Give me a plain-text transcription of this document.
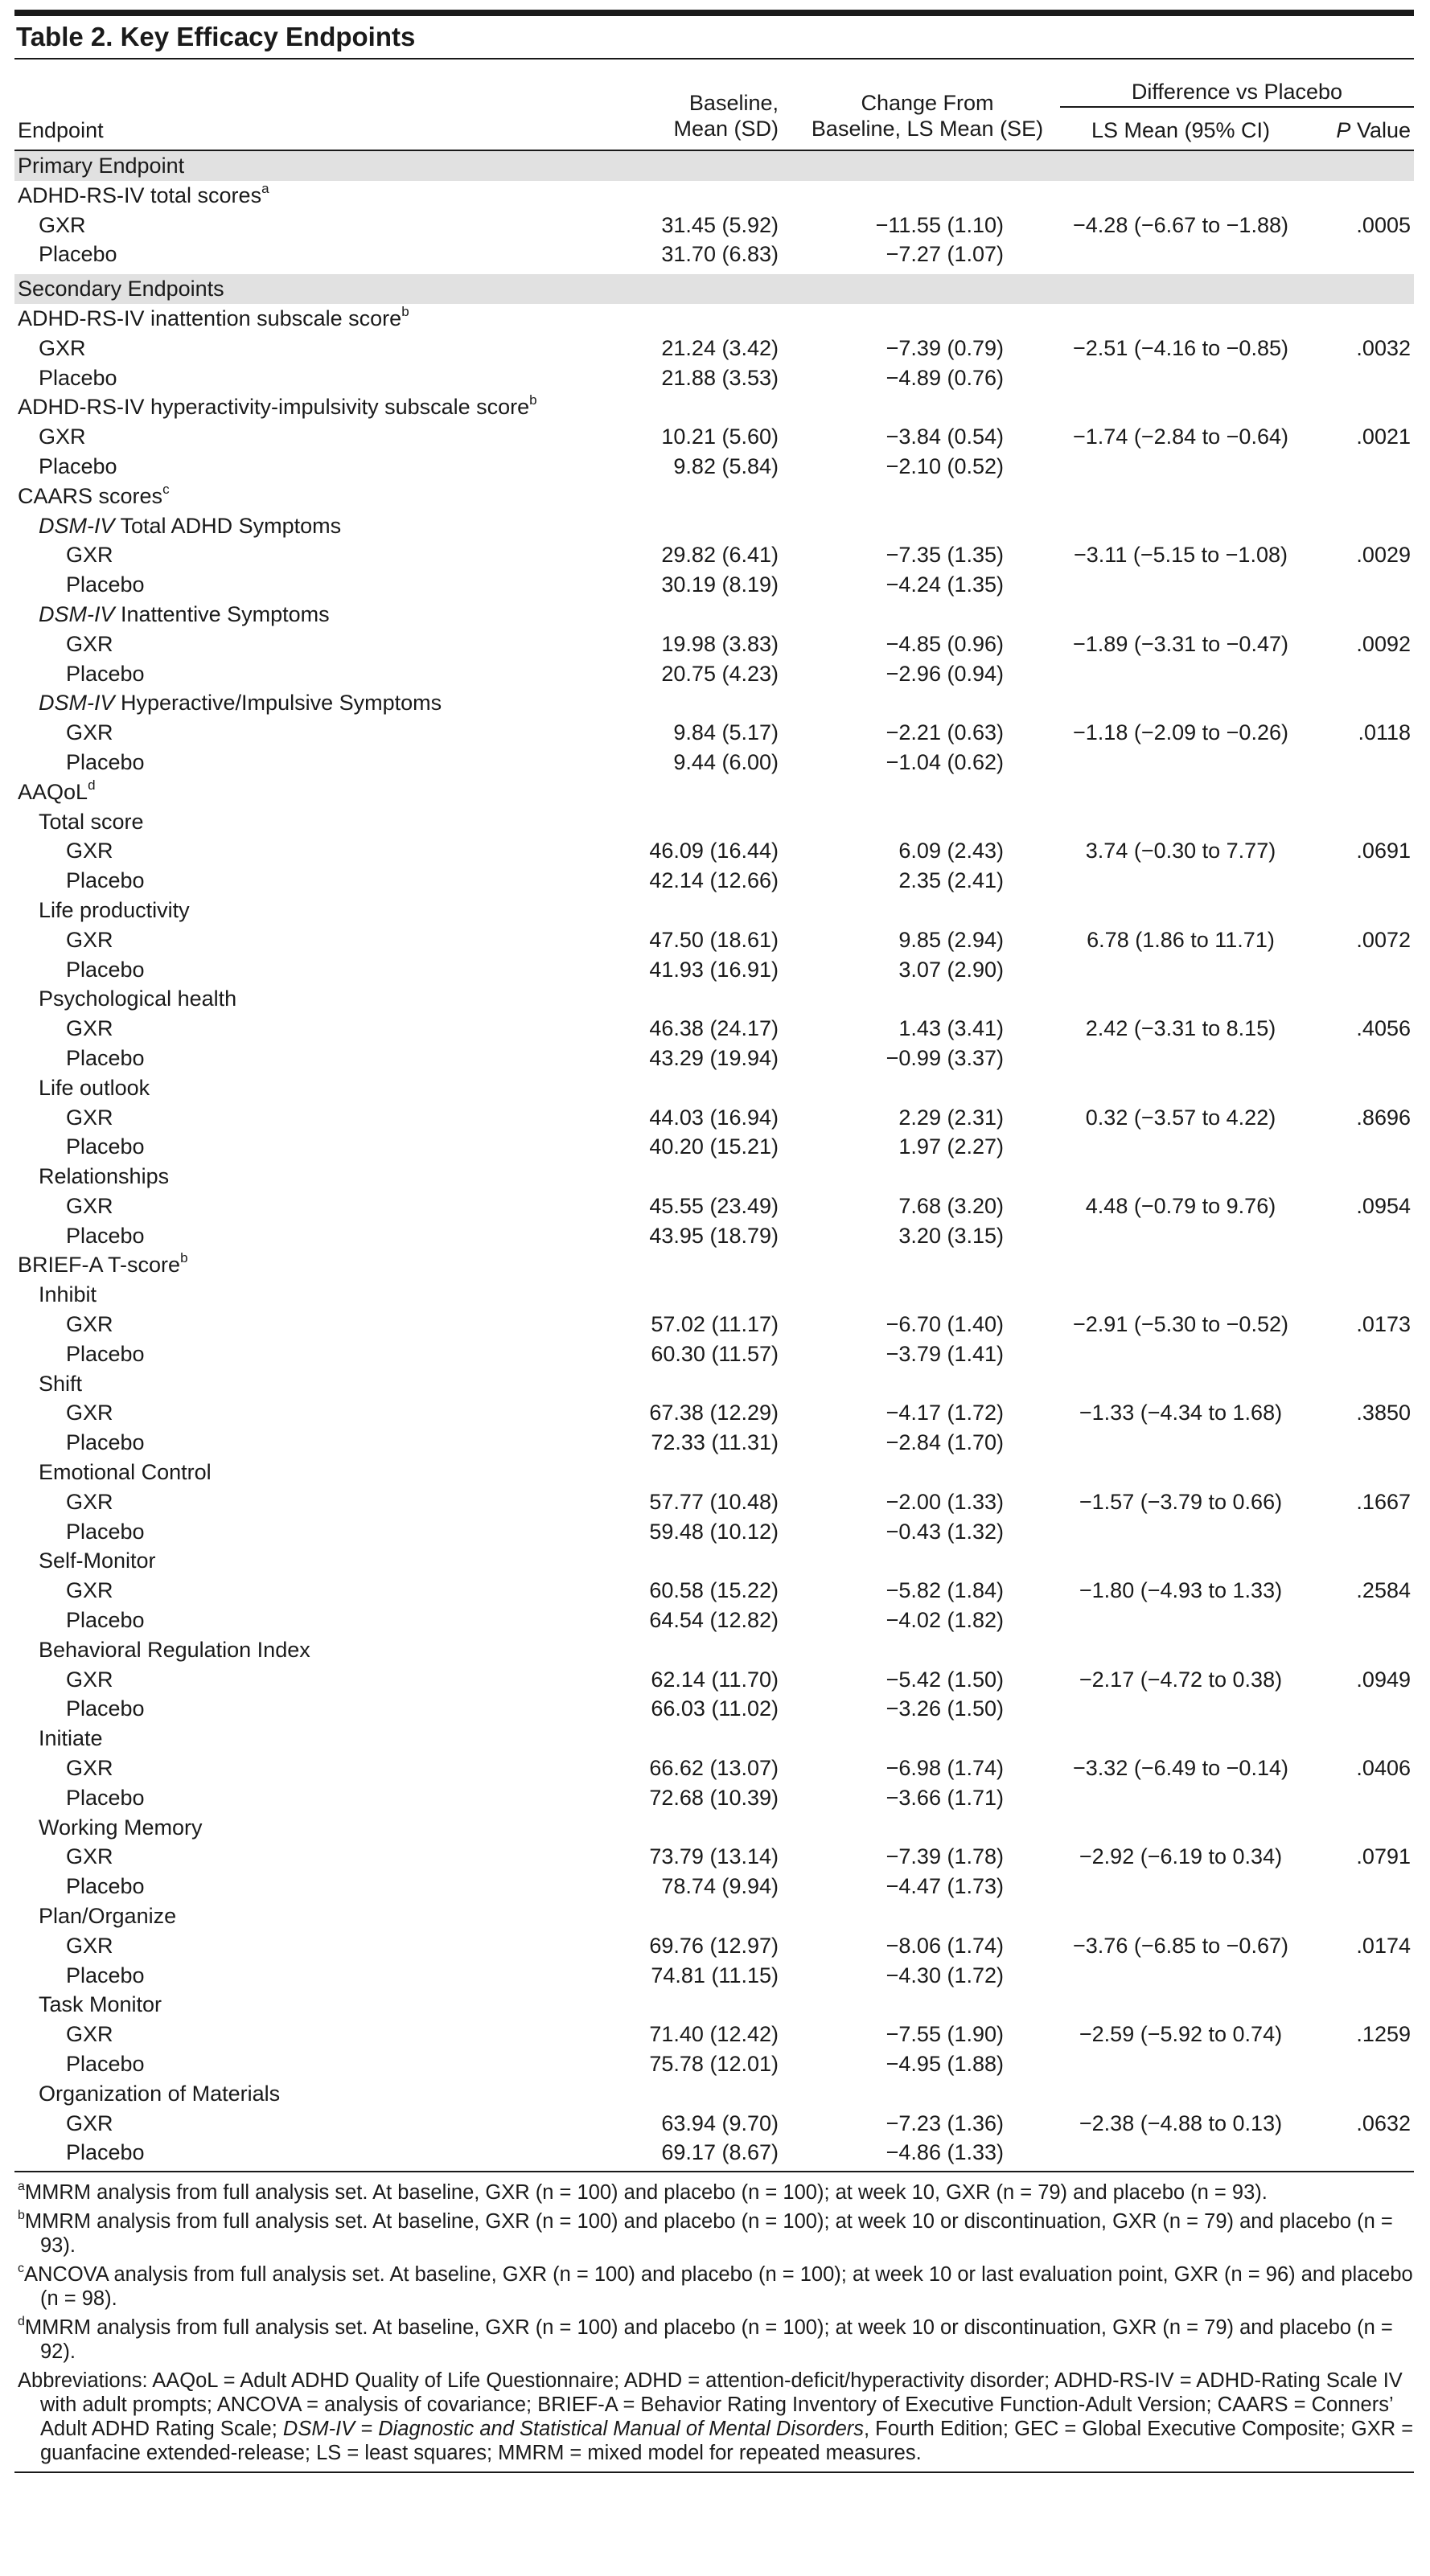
Table 2. Key Efficacy Endpoints
Endpoint
Baseline,
Mean (SD)
Change From
Baseline, LS Mean (SE)
Difference vs Placebo
LS Mean (95% CI)	P Value
Primary Endpoint
ADHD-RS-IV total scores$^a$
GXR	31.45 (5.92)	−11.55 (1.10)	−4.28 (−6.67 to −1.88)	.0005
Placebo	31.70 (6.83)	−7.27 (1.07)
Secondary Endpoints
ADHD-RS-IV inattention subscale score$^b$
GXR	21.24 (3.42)	−7.39 (0.79)	−2.51 (−4.16 to −0.85)	.0032
Placebo	21.88 (3.53)	−4.89 (0.76)
ADHD-RS-IV hyperactivity-impulsivity subscale score$^b$
GXR	10.21 (5.60)	−3.84 (0.54)	−1.74 (−2.84 to −0.64)	.0021
Placebo	9.82 (5.84)	−2.10 (0.52)
CAARS scores$^c$
DSM-IV Total ADHD Symptoms
GXR	29.82 (6.41)	−7.35 (1.35)	−3.11 (−5.15 to −1.08)	.0029
Placebo	30.19 (8.19)	−4.24 (1.35)
DSM-IV Inattentive Symptoms
GXR	19.98 (3.83)	−4.85 (0.96)	−1.89 (−3.31 to −0.47)	.0092
Placebo	20.75 (4.23)	−2.96 (0.94)
DSM-IV Hyperactive/Impulsive Symptoms
GXR	9.84 (5.17)	−2.21 (0.63)	−1.18 (−2.09 to −0.26)	.0118
Placebo	9.44 (6.00)	−1.04 (0.62)
AAQoL$^d$
Total score
GXR	46.09 (16.44)	6.09 (2.43)	3.74 (−0.30 to 7.77)	.0691
Placebo	42.14 (12.66)	2.35 (2.41)
Life productivity
GXR	47.50 (18.61)	9.85 (2.94)	6.78 (1.86 to 11.71)	.0072
Placebo	41.93 (16.91)	3.07 (2.90)
Psychological health
GXR	46.38 (24.17)	1.43 (3.41)	2.42 (−3.31 to 8.15)	.4056
Placebo	43.29 (19.94)	−0.99 (3.37)
Life outlook
GXR	44.03 (16.94)	2.29 (2.31)	0.32 (−3.57 to 4.22)	.8696
Placebo	40.20 (15.21)	1.97 (2.27)
Relationships
GXR	45.55 (23.49)	7.68 (3.20)	4.48 (−0.79 to 9.76)	.0954
Placebo	43.95 (18.79)	3.20 (3.15)
BRIEF-A T-score$^b$
Inhibit
GXR	57.02 (11.17)	−6.70 (1.40)	−2.91 (−5.30 to −0.52)	.0173
Placebo	60.30 (11.57)	−3.79 (1.41)
Shift
GXR	67.38 (12.29)	−4.17 (1.72)	−1.33 (−4.34 to 1.68)	.3850
Placebo	72.33 (11.31)	−2.84 (1.70)
Emotional Control
GXR	57.77 (10.48)	−2.00 (1.33)	−1.57 (−3.79 to 0.66)	.1667
Placebo	59.48 (10.12)	−0.43 (1.32)
Self-Monitor
GXR	60.58 (15.22)	−5.82 (1.84)	−1.80 (−4.93 to 1.33)	.2584
Placebo	64.54 (12.82)	−4.02 (1.82)
Behavioral Regulation Index
GXR	62.14 (11.70)	−5.42 (1.50)	−2.17 (−4.72 to 0.38)	.0949
Placebo	66.03 (11.02)	−3.26 (1.50)
Initiate
GXR	66.62 (13.07)	−6.98 (1.74)	−3.32 (−6.49 to −0.14)	.0406
Placebo	72.68 (10.39)	−3.66 (1.71)
Working Memory
GXR	73.79 (13.14)	−7.39 (1.78)	−2.92 (−6.19 to 0.34)	.0791
Placebo	78.74 (9.94)	−4.47 (1.73)
Plan/Organize
GXR	69.76 (12.97)	−8.06 (1.74)	−3.76 (−6.85 to −0.67)	.0174
Placebo	74.81 (11.15)	−4.30 (1.72)
Task Monitor
GXR	71.40 (12.42)	−7.55 (1.90)	−2.59 (−5.92 to 0.74)	.1259
Placebo	75.78 (12.01)	−4.95 (1.88)
Organization of Materials
GXR	63.94 (9.70)	−7.23 (1.36)	−2.38 (−4.88 to 0.13)	.0632
Placebo	69.17 (8.67)	−4.86 (1.33)
$^a$MMRM analysis from full analysis set. At baseline, GXR (n = 100) and placebo (n = 100); at week 10, GXR (n = 79) and placebo (n = 93).
$^b$MMRM analysis from full analysis set. At baseline, GXR (n = 100) and placebo (n = 100); at week 10 or discontinuation, GXR (n = 79) and placebo (n = 93).
$^c$ANCOVA analysis from full analysis set. At baseline, GXR (n = 100) and placebo (n = 100); at week 10 or last evaluation point, GXR (n = 96) and placebo (n = 98).
$^d$MMRM analysis from full analysis set. At baseline, GXR (n = 100) and placebo (n = 100); at week 10 or discontinuation, GXR (n = 79) and placebo (n = 92).
Abbreviations: AAQoL = Adult ADHD Quality of Life Questionnaire; ADHD = attention-deficit/hyperactivity disorder; ADHD-RS-IV = ADHD-Rating Scale IV with adult prompts; ANCOVA = analysis of covariance; BRIEF-A = Behavior Rating Inventory of Executive Function-Adult Version; CAARS = Conners’ Adult ADHD Rating Scale; DSM-IV = Diagnostic and Statistical Manual of Mental Disorders, Fourth Edition; GEC = Global Executive Composite; GXR = guanfacine extended-release; LS = least squares; MMRM = mixed model for repeated measures.
